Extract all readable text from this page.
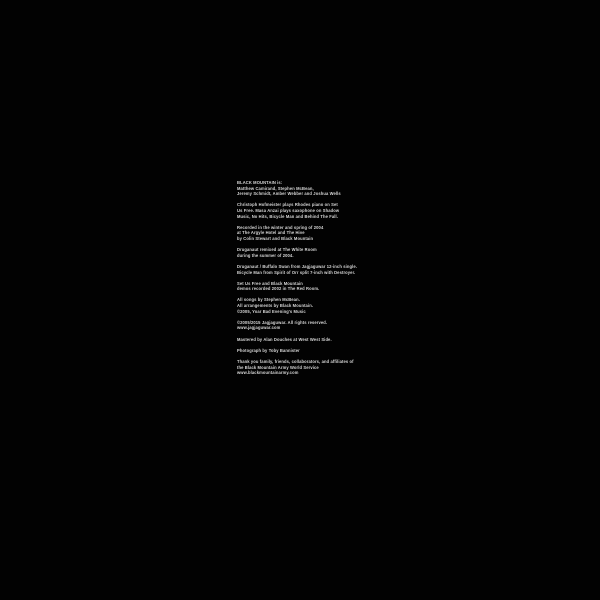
BLACK MOUNTAIN is:
Matthew Camirand, Stephen McBean,
Jeremy Schmidt, Amber Webber and Joshua Wells
Christoph Hofmeister plays Rhodes piano on Set
Us Free. Masa Anzai plays saxophone on Shadow
Music, No Hits, Bicycle Man and Behind The Fall.
Recorded in the winter and spring of 2004
at The Argyle Hotel and The Hive
by Colin Stewart and Black Mountain
Druganaut remixed at The White Room
during the summer of 2004.
Druganaut / Buffalo Swan from Jagjaguwar 12-inch single.
Bicycle Man from Spirit of Orr split 7-inch with Destroyer.
Set Us Free and Black Mountain
demos recorded 2002 in The Red Room.
All songs by Stephen McBean.
All arrangements by Black Mountain.
©2005, Yoar Bad Evening's Music
©2005/2015 Jagjaguwar. All rights reserved.
www.jagjaguwar.com
Mastered by Alan Douches at West West Side.
Photograph by Toby Bannister
Thank you family, friends, collaborators, and affiliates of
the Black Mountain Army World Service
www.blackmountainarmy.com
